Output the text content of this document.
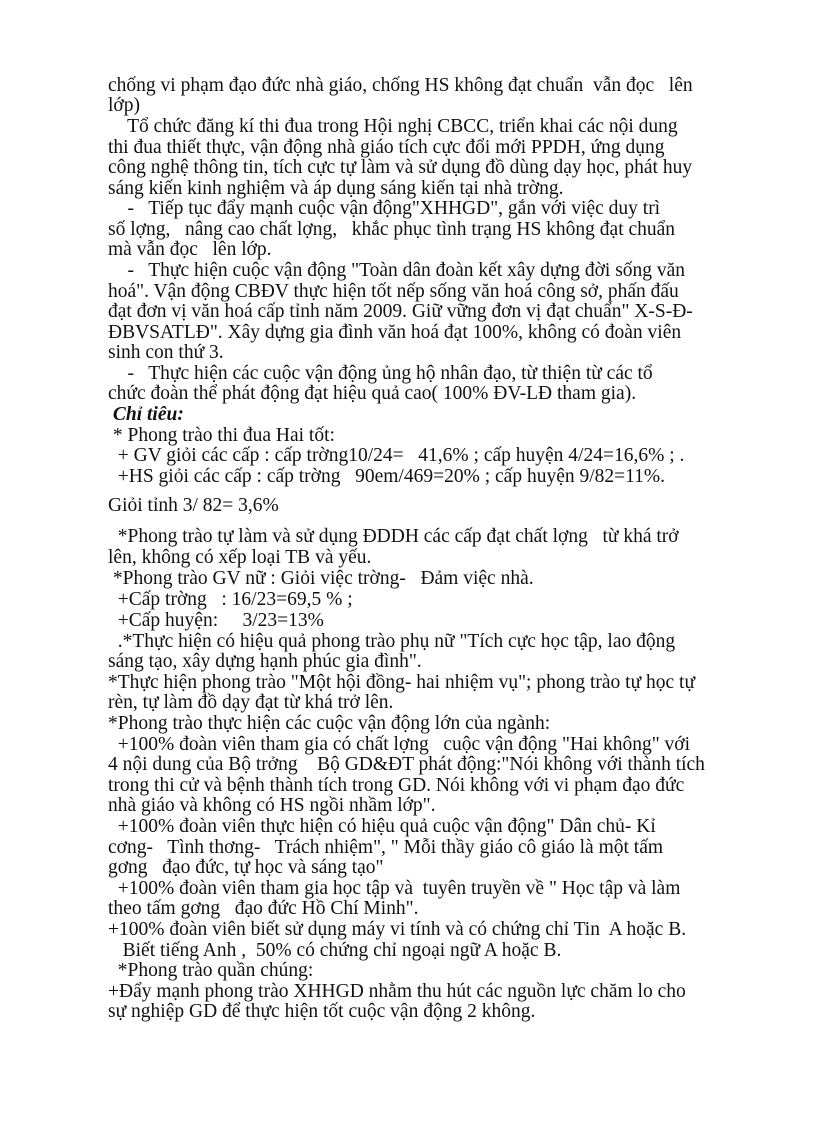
chống vi phạm đạo đức nhà giáo, chống HS không đạt chuẩn  vẫn đọc   lên
lớp)
Tổ chức đăng kí thi đua trong Hội nghị CBCC, triển khai các nội dung
thi đua thiết thực, vận động nhà giáo tích cực đổi mới PPDH, ứng dụng
công nghệ thông tin, tích cực tự làm và sử dụng đồ dùng dạy học, phát huy
sáng kiến kinh nghiệm và áp dụng sáng kiến tại nhà trờng.
-   Tiếp tục đẩy mạnh cuộc vận động"XHHGD", gắn với việc duy trì
số lợng,   nâng cao chất lợng,   khắc phục tình trạng HS không đạt chuẩn
mà vẫn đọc   lên lớp.
-   Thực hiện cuộc vận động "Toàn dân đoàn kết xây dựng đời sống văn
hoá". Vận động CBĐV thực hiện tốt nếp sống văn hoá công sở, phấn đấu
đạt đơn vị văn hoá cấp tỉnh năm 2009. Giữ vững đơn vị đạt chuẩn" X-S-Đ-
ĐBVSATLĐ". Xây dựng gia đình văn hoá đạt 100%, không có đoàn viên
sinh con thứ 3.
-   Thực hiện các cuộc vận động ủng hộ nhân đạo, từ thiện từ các tổ
chức đoàn thể phát động đạt hiệu quả cao( 100% ĐV-LĐ tham gia).
Chỉ tiêu:
* Phong trào thi đua Hai tốt:
+ GV giỏi các cấp : cấp trờng10/24=   41,6% ; cấp huyện 4/24=16,6% ; .
+HS giỏi các cấp : cấp trờng   90em/469=20% ; cấp huyện 9/82=11%.
Giỏi tỉnh 3/ 82= 3,6%
*Phong trào tự làm và sử dụng ĐDDH các cấp đạt chất lợng   từ khá trở
lên, không có xếp loại TB và yếu.
*Phong trào GV nữ : Giỏi việc trờng-   Đảm việc nhà.
+Cấp trờng   : 16/23=69,5 % ;
+Cấp huyện:     3/23=13%
.*Thực hiện có hiệu quả phong trào phụ nữ "Tích cực học tập, lao động
sáng tạo, xây dựng hạnh phúc gia đình".
*Thực hiện phong trào "Một hội đồng- hai nhiệm vụ"; phong trào tự học tự
rèn, tự làm đồ dạy đạt từ khá trở lên.
*Phong trào thực hiện các cuộc vận động lớn của ngành:
+100% đoàn viên tham gia có chất lợng   cuộc vận động "Hai không" với
4 nội dung của Bộ trởng    Bộ GD&ĐT phát động:"Nói không với thành tích
trong thi cử và bệnh thành tích trong GD. Nói không với vi phạm đạo đức
nhà giáo và không có HS ngồi nhầm lớp".
+100% đoàn viên thực hiện có hiệu quả cuộc vận động" Dân chủ- Kỉ
cơng-   Tình thơng-   Trách nhiệm", " Mỗi thầy giáo cô giáo là một tấm
gơng   đạo đức, tự học và sáng tạo"
+100% đoàn viên tham gia học tập và  tuyên truyền về " Học tập và làm
theo tấm gơng   đạo đức Hồ Chí Minh".
+100% đoàn viên biết sử dụng máy vi tính và có chứng chỉ Tin  A hoặc B.
Biết tiếng Anh ,  50% có chứng chỉ ngoại ngữ A hoặc B.
*Phong trào quần chúng:
+Đẩy mạnh phong trào XHHGD nhằm thu hút các nguồn lực chăm lo cho
sự nghiệp GD để thực hiện tốt cuộc vận động 2 không.
